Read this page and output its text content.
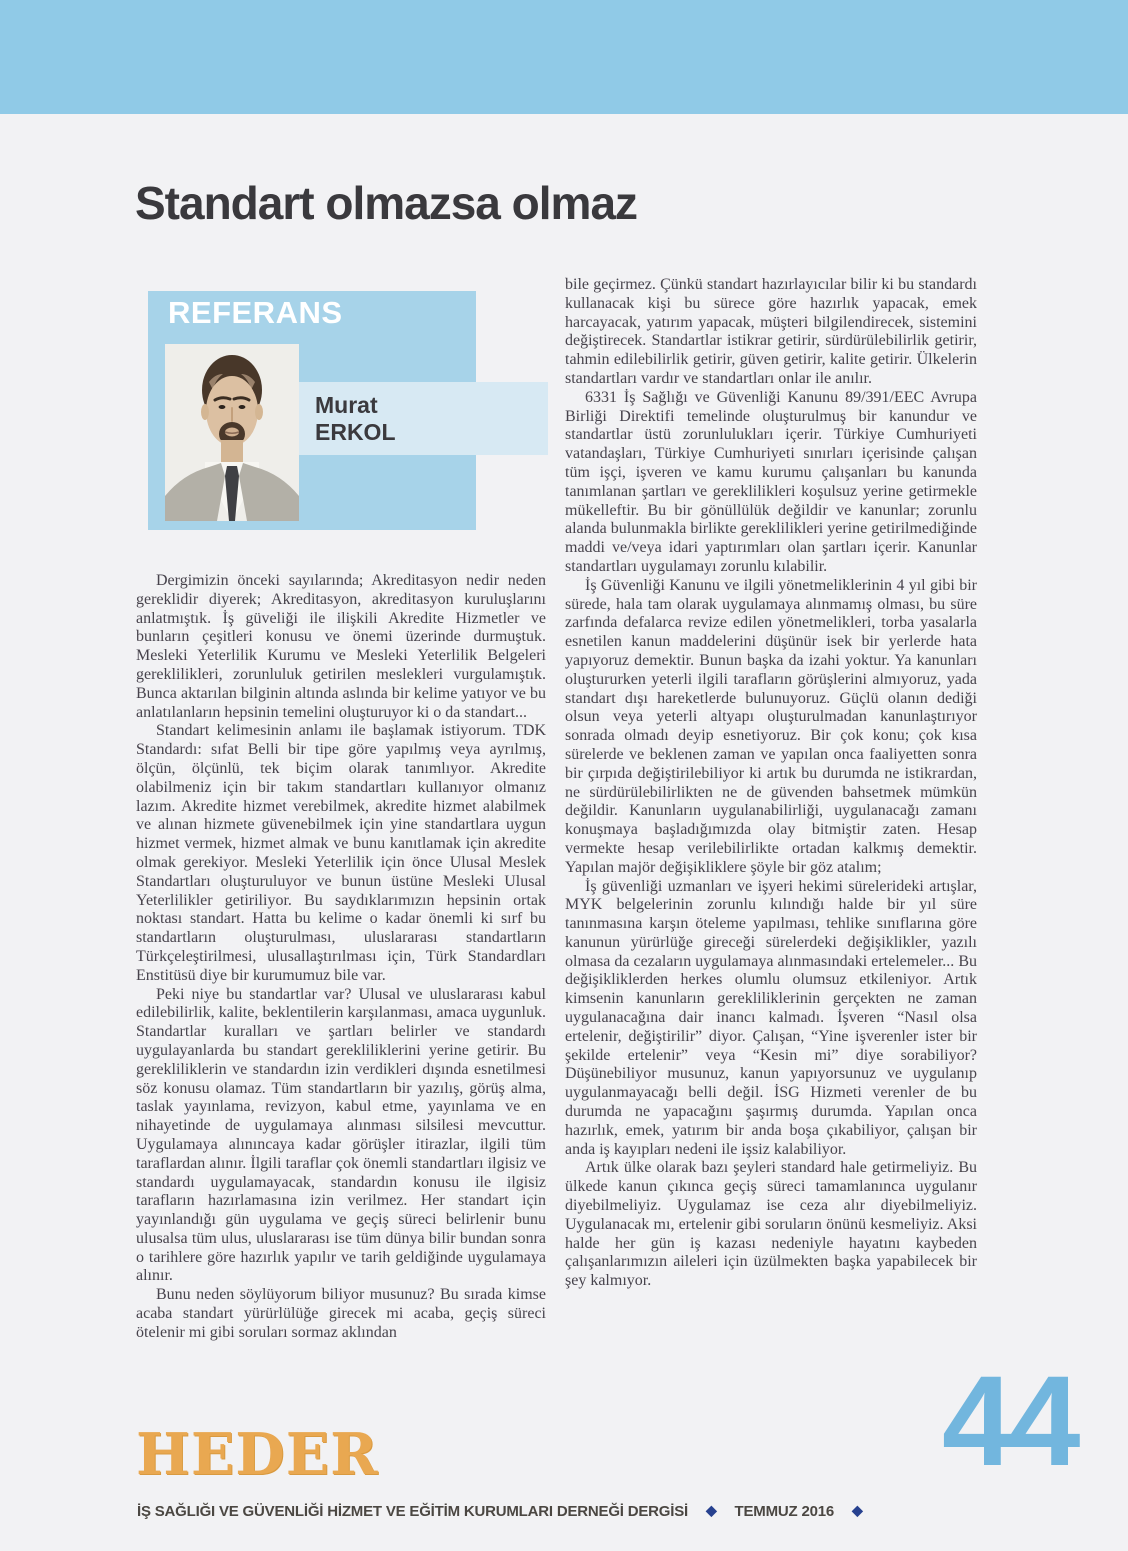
Standart olmazsa olmaz
REFERANS
Murat
ERKOL

Dergimizin önceki sayılarında; Akreditasyon nedir neden gereklidir diyerek; Akreditasyon, akreditasyon kuruluşlarını anlatmıştık. İş güveliği ile ilişkili Akredite Hizmetler ve bunların çeşitleri konusu ve önemi üzerinde durmuştuk. Mesleki Yeterlilik Kurumu ve Mesleki Yeterlilik Belgeleri gereklilikleri, zorunluluk getirilen meslekleri vurgulamıştık. Bunca aktarılan bilginin altında aslında bir kelime yatıyor ve bu anlatılanların hepsinin temelini oluşturuyor ki o da standart...

Standart kelimesinin anlamı ile başlamak istiyorum. TDK Standardı: sıfat Belli bir tipe göre yapılmış veya ayrılmış, ölçün, ölçünlü, tek biçim olarak tanımlıyor. Akredite olabilmeniz için bir takım standartları kullanıyor olmanız lazım. Akredite hizmet verebilmek, akredite hizmet alabilmek ve alınan hizmete güvenebilmek için yine standartlara uygun hizmet vermek, hizmet almak ve bunu kanıtlamak için akredite olmak gerekiyor. Mesleki Yeterlilik için önce Ulusal Meslek Standartları oluşturuluyor ve bunun üstüne Mesleki Ulusal Yeterlilikler getiriliyor. Bu saydıklarımızın hepsinin ortak noktası standart. Hatta bu kelime o kadar önemli ki sırf bu standartların oluşturulması, uluslararası standartların Türkçeleştirilmesi, ulusallaştırılması için, Türk Standardları Enstitüsü diye bir kurumumuz bile var.

Peki niye bu standartlar var? Ulusal ve uluslararası kabul edilebilirlik, kalite, beklentilerin karşılanması, amaca uygunluk. Standartlar kuralları ve şartları belirler ve standardı uygulayanlarda bu standart gerekliliklerini yerine getirir. Bu gerekliliklerin ve standardın izin verdikleri dışında esnetilmesi söz konusu olamaz. Tüm standartların bir yazılış, görüş alma, taslak yayınlama, revizyon, kabul etme, yayınlama ve en nihayetinde de uygulamaya alınması silsilesi mevcuttur. Uygulamaya alınıncaya kadar görüşler itirazlar, ilgili tüm taraflardan alınır. İlgili taraflar çok önemli standartları ilgisiz ve standardı uygulamayacak, standardın konusu ile ilgisiz tarafların hazırlamasına izin verilmez. Her standart için yayınlandığı gün uygulama ve geçiş süreci belirlenir bunu ulusalsa tüm ulus, uluslararası ise tüm dünya bilir bundan sonra o tarihlere göre hazırlık yapılır ve tarih geldiğinde uygulamaya alınır.

Bunu neden söylüyorum biliyor musunuz? Bu sırada kimse acaba standart yürürlülüğe girecek mi acaba, geçiş süreci ötelenir mi gibi soruları sormaz aklından

bile geçirmez. Çünkü standart hazırlayıcılar bilir ki bu standardı kullanacak kişi bu sürece göre hazırlık yapacak, emek harcayacak, yatırım yapacak, müşteri bilgilendirecek, sistemini değiştirecek. Standartlar istikrar getirir, sürdürülebilirlik getirir, tahmin edilebilirlik getirir, güven getirir, kalite getirir. Ülkelerin standartları vardır ve standartları onlar ile anılır.

6331 İş Sağlığı ve Güvenliği Kanunu 89/391/EEC Avrupa Birliği Direktifi temelinde oluşturulmuş bir kanundur ve standartlar üstü zorunlulukları içerir. Türkiye Cumhuriyeti vatandaşları, Türkiye Cumhuriyeti sınırları içerisinde çalışan tüm işçi, işveren ve kamu kurumu çalışanları bu kanunda tanımlanan şartları ve gereklilikleri koşulsuz yerine getirmekle mükelleftir. Bu bir gönüllülük değildir ve kanunlar; zorunlu alanda bulunmakla birlikte gereklilikleri yerine getirilmediğinde maddi ve/veya idari yaptırımları olan şartları içerir. Kanunlar standartları uygulamayı zorunlu kılabilir.

İş Güvenliği Kanunu ve ilgili yönetmeliklerinin 4 yıl gibi bir sürede, hala tam olarak uygulamaya alınmamış olması, bu süre zarfında defalarca revize edilen yönetmelikleri, torba yasalarla esnetilen kanun maddelerini düşünür isek bir yerlerde hata yapıyoruz demektir. Bunun başka da izahi yoktur. Ya kanunları oluştururken yeterli ilgili tarafların görüşlerini almıyoruz, yada standart dışı hareketlerde bulunuyoruz. Güçlü olanın dediği olsun veya yeterli altyapı oluşturulmadan kanunlaştırıyor sonrada olmadı deyip esnetiyoruz. Bir çok konu; çok kısa sürelerde ve beklenen zaman ve yapılan onca faaliyetten sonra bir çırpıda değiştirilebiliyor ki artık bu durumda ne istikrardan, ne sürdürülebilirlikten ne de güvenden bahsetmek mümkün değildir. Kanunların uygulanabilirliği, uygulanacağı zamanı konuşmaya başladığımızda olay bitmiştir zaten. Hesap vermekte hesap verilebilirlikte ortadan kalkmış demektir. Yapılan majör değişikliklere şöyle bir göz atalım;

İş güvenliği uzmanları ve işyeri hekimi sürelerideki artışlar, MYK belgelerinin zorunlu kılındığı halde bir yıl süre tanınmasına karşın öteleme yapılması, tehlike sınıflarına göre kanunun yürürlüğe gireceği sürelerdeki değişiklikler, yazılı olmasa da cezaların uygulamaya alınmasındaki ertelemeler... Bu değişikliklerden herkes olumlu olumsuz etkileniyor. Artık kimsenin kanunların gerekliliklerinin gerçekten ne zaman uygulanacağına dair inancı kalmadı. İşveren “Nasıl olsa ertelenir, değiştirilir” diyor. Çalışan, “Yine işverenler ister bir şekilde ertelenir” veya “Kesin mi” diye sorabiliyor? Düşünebiliyor musunuz, kanun yapıyorsunuz ve uygulanıp uygulanmayacağı belli değil. İSG Hizmeti verenler de bu durumda ne yapacağını şaşırmış durumda. Yapılan onca hazırlık, emek, yatırım bir anda boşa çıkabiliyor, çalışan bir anda iş kayıpları nedeni ile işsiz kalabiliyor.

Artık ülke olarak bazı şeyleri standard hale getirmeliyiz. Bu ülkede kanun çıkınca geçiş süreci tamamlanınca uygulanır diyebilmeliyiz. Uygulamaz ise ceza alır diyebilmeliyiz. Uygulanacak mı, ertelenir gibi soruların önünü kesmeliyiz. Aksi halde her gün iş kazası nedeniyle hayatını kaybeden çalışanlarımızın aileleri için üzülmekten başka yapabilecek bir şey kalmıyor.

44
HEDER
İŞ SAĞLIĞI VE GÜVENLİĞİ HİZMET VE EĞİTİM KURUMLARI DERNEĞİ DERGİSİ ◆ TEMMUZ 2016 ◆
